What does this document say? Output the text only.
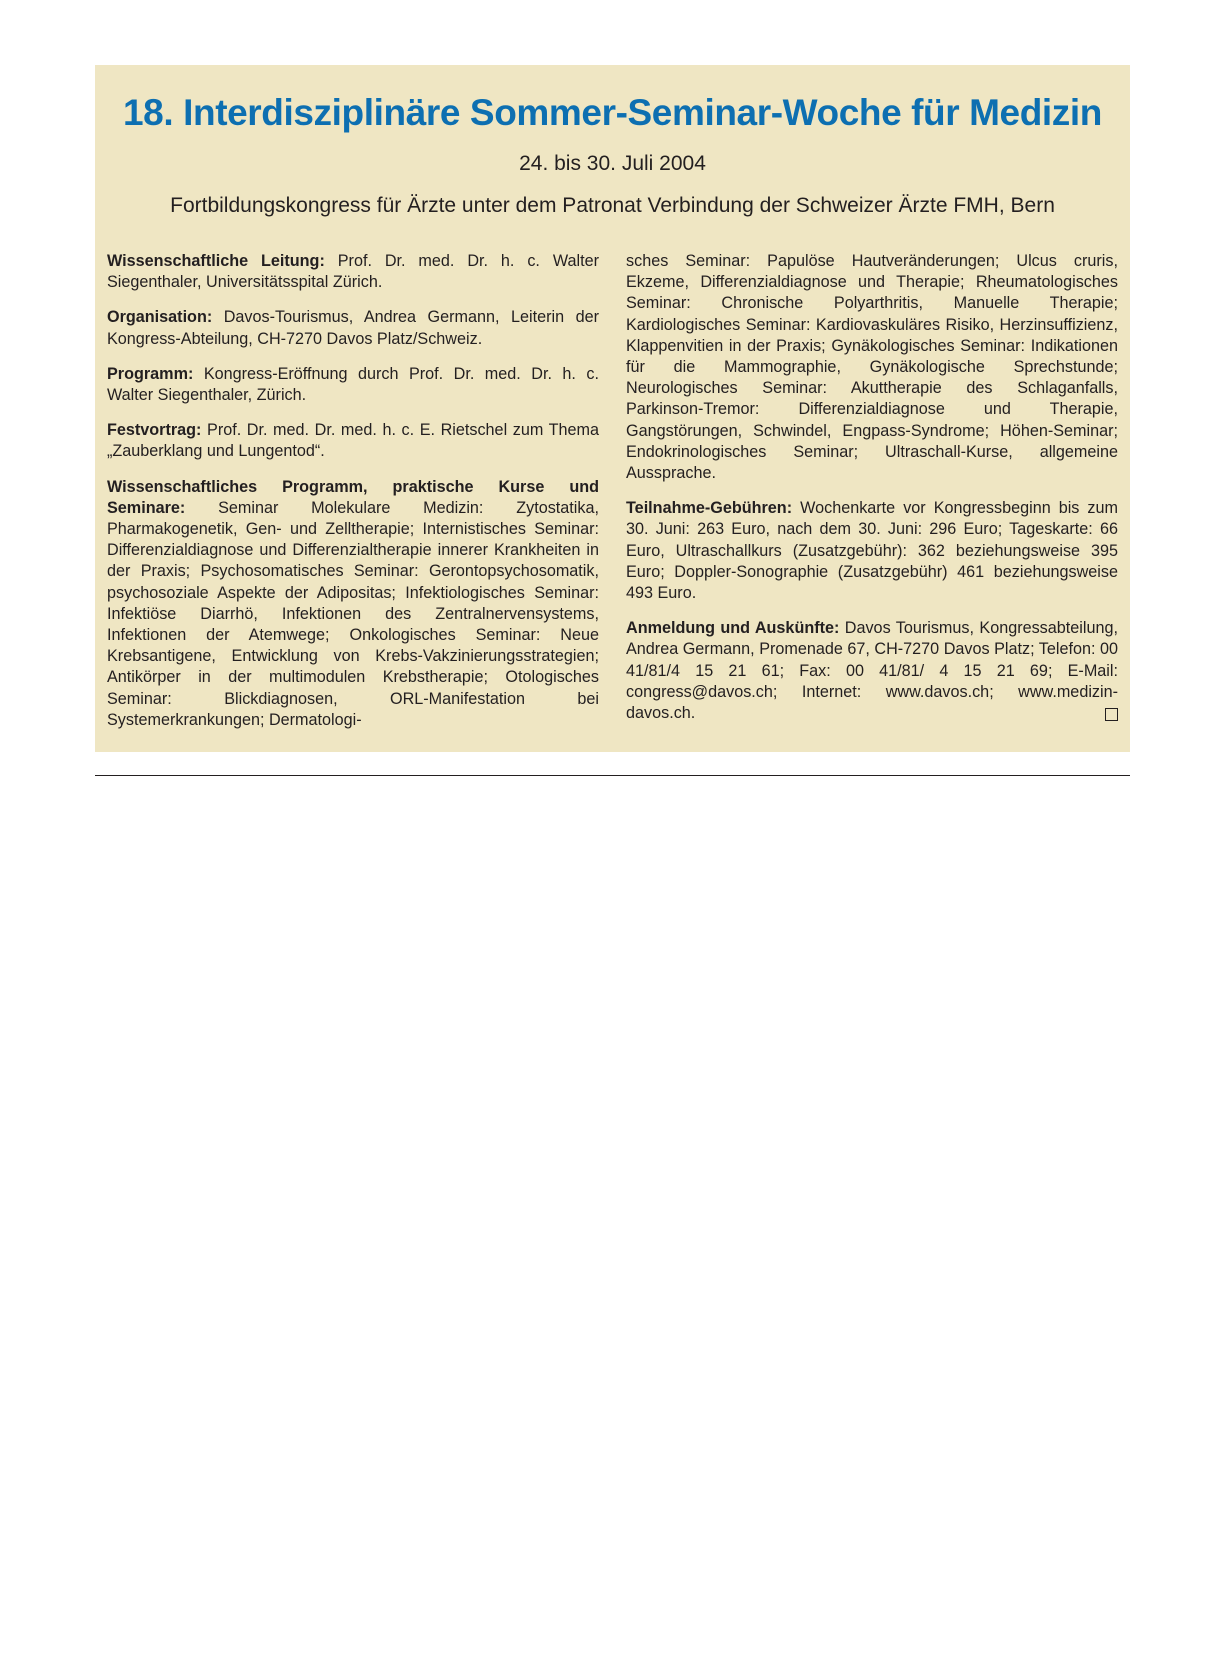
18. Interdisziplinäre Sommer-Seminar-Woche für Medizin
24. bis 30. Juli 2004
Fortbildungskongress für Ärzte unter dem Patronat Verbindung der Schweizer Ärzte FMH, Bern

Wissenschaftliche Leitung: Prof. Dr. med. Dr. h. c. Walter Siegenthaler, Universitätsspital Zürich.

Organisation: Davos-Tourismus, Andrea Germann, Leiterin der Kongress-Abteilung, CH-7270 Davos Platz/Schweiz.

Programm: Kongress-Eröffnung durch Prof. Dr. med. Dr. h. c. Walter Siegenthaler, Zürich.

Festvortrag: Prof. Dr. med. Dr. med. h. c. E. Rietschel zum Thema „Zauberklang und Lungentod“.

Wissenschaftliches Programm, praktische Kurse und Seminare: Seminar Molekulare Medizin: Zytostatika, Pharmakogenetik, Gen- und Zelltherapie; Internistisches Seminar: Differenzialdiagnose und Differenzialtherapie innerer Krankheiten in der Praxis; Psychosomatisches Seminar: Gerontopsychosomatik, psychosoziale Aspekte der Adipositas; Infektiologisches Seminar: Infektiöse Diarrhö, Infektionen des Zentralnervensystems, Infektionen der Atemwege; Onkologisches Seminar: Neue Krebsantigene, Entwicklung von Krebs-Vakzinierungsstrategien; Antikörper in der multimodulen Krebstherapie; Otologisches Seminar: Blickdiagnosen, ORL-Manifestation bei Systemerkrankungen; Dermatologi-

sches Seminar: Papulöse Hautveränderungen; Ulcus cruris, Ekzeme, Differenzialdiagnose und Therapie; Rheumatologisches Seminar: Chronische Polyarthritis, Manuelle Therapie; Kardiologisches Seminar: Kardiovaskuläres Risiko, Herzinsuffizienz, Klappenvitien in der Praxis; Gynäkologisches Seminar: Indikationen für die Mammographie, Gynäkologische Sprechstunde; Neurologisches Seminar: Akuttherapie des Schlaganfalls, Parkinson-Tremor: Differenzialdiagnose und Therapie, Gangstörungen, Schwindel, Engpass-Syndrome; Höhen-Seminar; Endokrinologisches Seminar; Ultraschall-Kurse, allgemeine Aussprache.

Teilnahme-Gebühren: Wochenkarte vor Kongressbeginn bis zum 30. Juni: 263 Euro, nach dem 30. Juni: 296 Euro; Tageskarte: 66 Euro, Ultraschallkurs (Zusatzgebühr): 362 beziehungsweise 395 Euro; Doppler-Sonographie (Zusatzgebühr) 461 beziehungsweise 493 Euro.

Anmeldung und Auskünfte: Davos Tourismus, Kongressabteilung, Andrea Germann, Promenade 67, CH-7270 Davos Platz; Telefon: 00 41/81/4 15 21 61; Fax: 00 41/81/ 4 15 21 69; E-Mail: congress@davos.ch; Internet: www.davos.ch; www.medizin-davos.ch.
